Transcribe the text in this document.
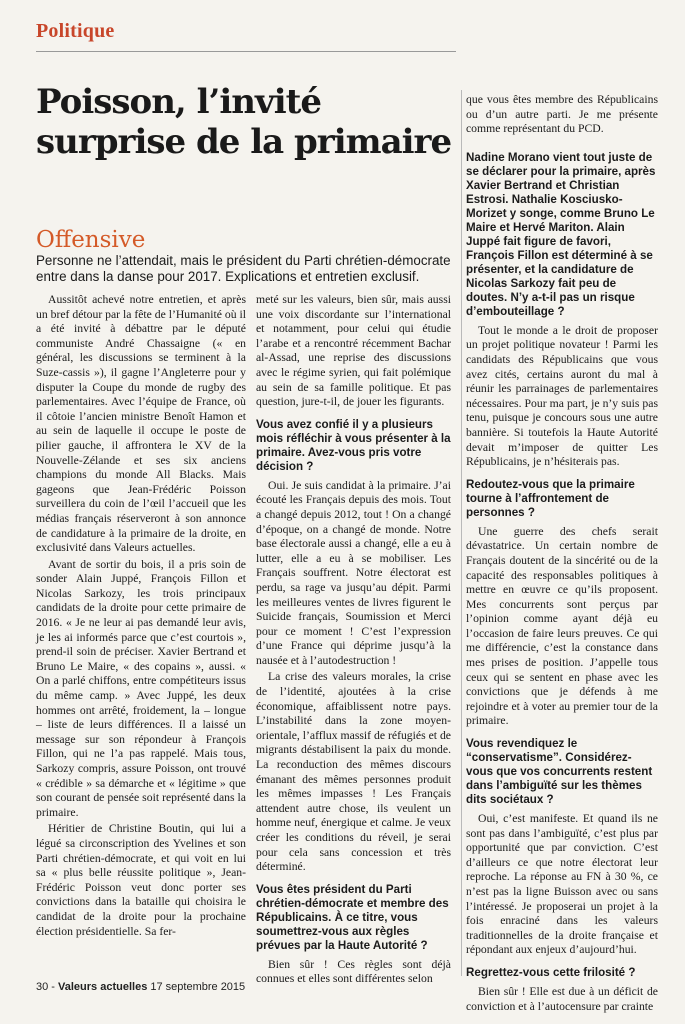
Politique
Poisson, l’invité surprise de la primaire
Offensive
Personne ne l’attendait, mais le président du Parti chrétien-démocrate entre dans la danse pour 2017. Explications et entretien exclusif.

Aussitôt achevé notre entretien, et après un bref détour par la fête de l’Humanité où il a été invité à débattre par le député communiste André Chassaigne (« en général, les discussions se terminent à la Suze-cassis »), il gagne l’Angleterre pour y disputer la Coupe du monde de rugby des parlementaires. Avec l’équipe de France, où il côtoie l’ancien ministre Benoît Hamon et au sein de laquelle il occupe le poste de pilier gauche, il affrontera le XV de la Nouvelle-Zélande et ses six anciens champions du monde All Blacks. Mais gageons que Jean-Frédéric Poisson surveillera du coin de l’œil l’accueil que les médias français réserveront à son annonce de candidature à la primaire de la droite, en exclusivité dans Valeurs actuelles.

Avant de sortir du bois, il a pris soin de sonder Alain Juppé, François Fillon et Nicolas Sarkozy, les trois principaux candidats de la droite pour cette primaire de 2016. « Je ne leur ai pas demandé leur avis, je les ai informés parce que c’est courtois », prend-il soin de préciser. Xavier Bertrand et Bruno Le Maire, « des copains », aussi. « On a parlé chiffons, entre compétiteurs issus du même camp. » Avec Juppé, les deux hommes ont arrêté, froidement, la – longue – liste de leurs différences. Il a laissé un message sur son répondeur à François Fillon, qui ne l’a pas rappelé. Mais tous, Sarkozy compris, assure Poisson, ont trouvé « crédible » sa démarche et « légitime » que son courant de pensée soit représenté dans la primaire.

Héritier de Christine Boutin, qui lui a légué sa circonscription des Yvelines et son Parti chrétien-démocrate, et qui voit en lui sa « plus belle réussite politique », Jean-Frédéric Poisson veut donc porter ses convictions dans la bataille qui choisira le candidat de la droite pour la prochaine élection présidentielle. Sa fer-

meté sur les valeurs, bien sûr, mais aussi une voix discordante sur l’international et notamment, pour celui qui étudie l’arabe et a rencontré récemment Bachar al-Assad, une reprise des discussions avec le régime syrien, qui fait polémique au sein de sa famille politique. Et pas question, jure-t-il, de jouer les figurants.

Vous avez confié il y a plusieurs mois réfléchir à vous présenter à la primaire. Avez-vous pris votre décision ?

Oui. Je suis candidat à la primaire. J’ai écouté les Français depuis des mois. Tout a changé depuis 2012, tout ! On a changé d’époque, on a changé de monde. Notre base électorale aussi a changé, elle a eu à lutter, elle a eu à se mobiliser. Les Français souffrent. Notre électorat est perdu, sa rage va jusqu’au dépit. Parmi les meilleures ventes de livres figurent le Suicide français, Soumission et Merci pour ce moment ! C’est l’expression d’une France qui déprime jusqu’à la nausée et à l’autodestruction !

La crise des valeurs morales, la crise de l’identité, ajoutées à la crise économique, affaiblissent notre pays. L’instabilité dans la zone moyen-orientale, l’afflux massif de réfugiés et de migrants déstabilisent la paix du monde. La reconduction des mêmes discours émanant des mêmes personnes produit les mêmes impasses ! Les Français attendent autre chose, ils veulent un homme neuf, énergique et calme. Je veux créer les conditions du réveil, je serai pour cela sans concession et très déterminé.

Vous êtes président du Parti chrétien-démocrate et membre des Républicains. À ce titre, vous soumettrez-vous aux règles prévues par la Haute Autorité ?

Bien sûr ! Ces règles sont déjà connues et elles sont différentes selon

que vous êtes membre des Républicains ou d’un autre parti. Je me présente comme représentant du PCD.

Nadine Morano vient tout juste de se déclarer pour la primaire, après Xavier Bertrand et Christian Estrosi. Nathalie Kosciusko-Morizet y songe, comme Bruno Le Maire et Hervé Mariton. Alain Juppé fait figure de favori, François Fillon est déterminé à se présenter, et la candidature de Nicolas Sarkozy fait peu de doutes. N’y a-t-il pas un risque d’embouteillage ?

Tout le monde a le droit de proposer un projet politique novateur ! Parmi les candidats des Républicains que vous avez cités, certains auront du mal à réunir les parrainages de parlementaires nécessaires. Pour ma part, je n’y suis pas tenu, puisque je concours sous une autre bannière. Si toutefois la Haute Autorité devait m’imposer de quitter Les Républicains, je n’hésiterais pas.

Redoutez-vous que la primaire tourne à l’affrontement de personnes ?

Une guerre des chefs serait dévastatrice. Un certain nombre de Français doutent de la sincérité ou de la capacité des responsables politiques à mettre en œuvre ce qu’ils proposent. Mes concurrents sont perçus par l’opinion comme ayant déjà eu l’occasion de faire leurs preuves. Ce qui me différencie, c’est la constance dans mes prises de position. J’appelle tous ceux qui se sentent en phase avec les convictions que je défends à me rejoindre et à voter au premier tour de la primaire.

Vous revendiquez le “conservatisme”. Considérez-vous que vos concurrents restent dans l’ambiguïté sur les thèmes dits sociétaux ?

Oui, c’est manifeste. Et quand ils ne sont pas dans l’ambiguïté, c’est plus par opportunité que par conviction. C’est d’ailleurs ce que notre électorat leur reproche. La réponse au FN à 30 %, ce n’est pas la ligne Buisson avec ou sans l’intéressé. Je proposerai un projet à la fois enraciné dans les valeurs traditionnelles de la droite française et répondant aux enjeux d’aujourd’hui.

Regrettez-vous cette frilosité ?

Bien sûr ! Elle est due à un déficit de conviction et à l’autocensure par crainte

30 - Valeurs actuelles 17 septembre 2015
